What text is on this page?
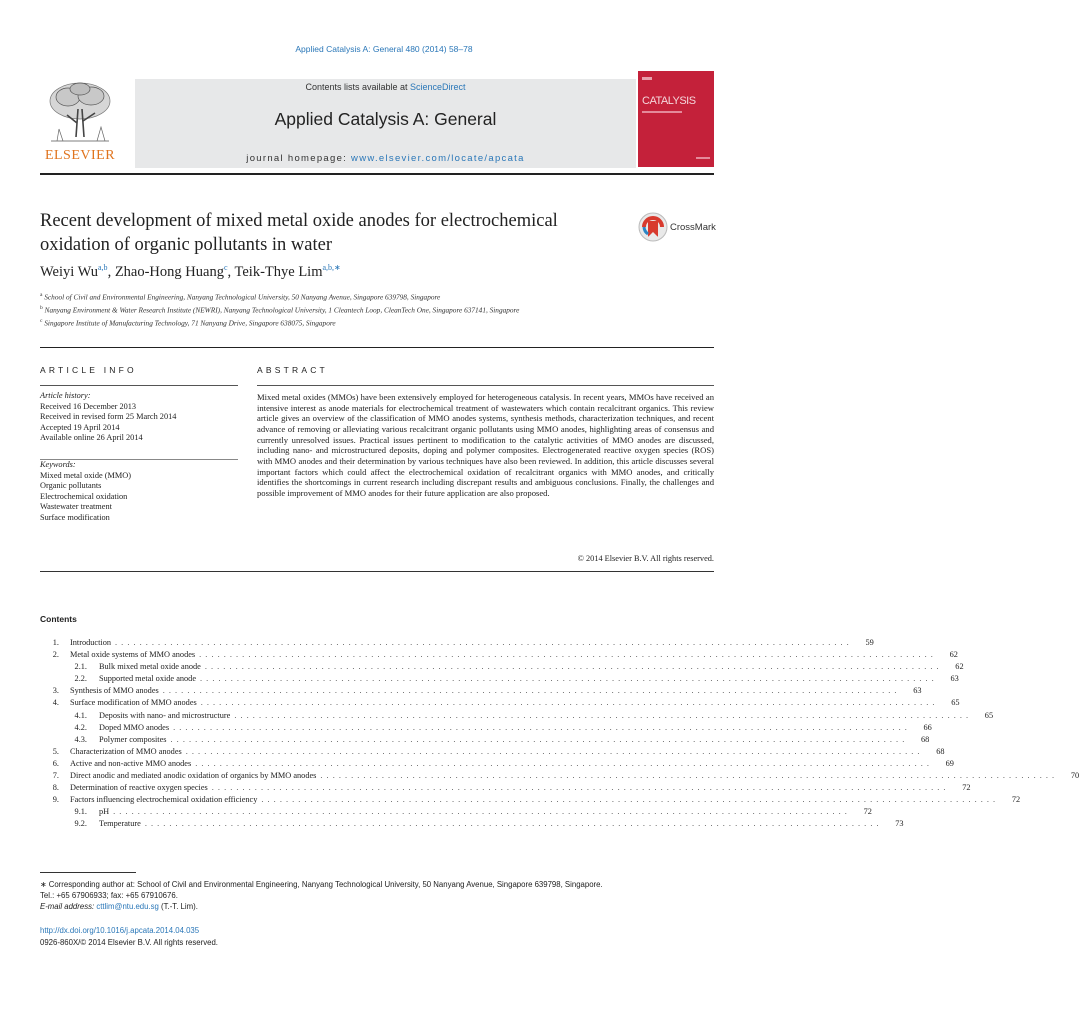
Applied Catalysis A: General 480 (2014) 58–78
ELSEVIER
Contents lists available at ScienceDirect
Applied Catalysis A: General
journal homepage: www.elsevier.com/locate/apcata
CATALYSIS
Recent development of mixed metal oxide anodes for electrochemical oxidation of organic pollutants in water
CrossMark
Weiyi Wu$^{a,b}$, Zhao-Hong Huang$^c$, Teik-Thye Lim$^{a,b,∗}$
$^a$ School of Civil and Environmental Engineering, Nanyang Technological University, 50 Nanyang Avenue, Singapore 639798, Singapore
$^b$ Nanyang Environment & Water Research Institute (NEWRI), Nanyang Technological University, 1 Cleantech Loop, CleanTech One, Singapore 637141, Singapore
$^c$ Singapore Institute of Manufacturing Technology, 71 Nanyang Drive, Singapore 638075, Singapore
ARTICLE INFO	ABSTRACT
Article history:
Received 16 December 2013
Received in revised form 25 March 2014
Accepted 19 April 2014
Available online 26 April 2014
Keywords:
Mixed metal oxide (MMO)
Organic pollutants
Electrochemical oxidation
Wastewater treatment
Surface modification
Mixed metal oxides (MMOs) have been extensively employed for heterogeneous catalysis. In recent years, MMOs have received an intensive interest as anode materials for electrochemical treatment of wastewaters which contain recalcitrant organics. This review article gives an overview of the classification of MMO anodes systems, synthesis methods, characterization techniques, and recent advance of removing or alleviating various recalcitrant organic pollutants using MMO anodes, highlighting areas of consensus and currently unresolved issues. Practical issues pertinent to modification to the catalytic activities of MMO anodes are discussed, including nano- and microstructured deposits, doping and polymer composites. Electrogenerated reactive oxygen species (ROS) with MMO anodes and their determination by various techniques have also been reviewed. In addition, this article discusses several important factors which could affect the electrochemical oxidation of recalcitrant organics with MMO anodes, and critically identifies the shortcomings in current research including discrepant results and ambiguous conclusions. Finally, the challenges and possible improvement of MMO anodes for their future application are also proposed.
© 2014 Elsevier B.V. All rights reserved.
Contents
1.	Introduction . . . . . . . . . . . . . . . . . . . . . . . . . . . . . . . . . . . . . . . . . . . . . . . . . . . . . . . . . . . . . . . . . . . . . . . . . . . . . . . . . . . . . . . . . . . . . . . . . . . . . . . . . . . . . . . . . . . . . . . .	59
2.	Metal oxide systems of MMO anodes . . . . . . . . . . . . . . . . . . . . . . . . . . . . . . . . . . . . . . . . . . . . . . . . . . . . . . . . . . . . . . . . . . . . . . . . . . . . . . . . . . . . . . . . . . . . . . . . . . . . . . . . . . . . . . . . . . . . . . . .	62
2.1.	Bulk mixed metal oxide anode . . . . . . . . . . . . . . . . . . . . . . . . . . . . . . . . . . . . . . . . . . . . . . . . . . . . . . . . . . . . . . . . . . . . . . . . . . . . . . . . . . . . . . . . . . . . . . . . . . . . . . . . . . . . . . . . . . . . . . . .	62
2.2.	Supported metal oxide anode . . . . . . . . . . . . . . . . . . . . . . . . . . . . . . . . . . . . . . . . . . . . . . . . . . . . . . . . . . . . . . . . . . . . . . . . . . . . . . . . . . . . . . . . . . . . . . . . . . . . . . . . . . . . . . . . . . . . . . . .	63
3.	Synthesis of MMO anodes . . . . . . . . . . . . . . . . . . . . . . . . . . . . . . . . . . . . . . . . . . . . . . . . . . . . . . . . . . . . . . . . . . . . . . . . . . . . . . . . . . . . . . . . . . . . . . . . . . . . . . . . . . . . . . . . . . . . . . . .	63
4.	Surface modification of MMO anodes . . . . . . . . . . . . . . . . . . . . . . . . . . . . . . . . . . . . . . . . . . . . . . . . . . . . . . . . . . . . . . . . . . . . . . . . . . . . . . . . . . . . . . . . . . . . . . . . . . . . . . . . . . . . . . . . . . . . . . . .	65
4.1.	Deposits with nano- and microstructure . . . . . . . . . . . . . . . . . . . . . . . . . . . . . . . . . . . . . . . . . . . . . . . . . . . . . . . . . . . . . . . . . . . . . . . . . . . . . . . . . . . . . . . . . . . . . . . . . . . . . . . . . . . . . . . . . . . . . . . .	65
4.2.	Doped MMO anodes . . . . . . . . . . . . . . . . . . . . . . . . . . . . . . . . . . . . . . . . . . . . . . . . . . . . . . . . . . . . . . . . . . . . . . . . . . . . . . . . . . . . . . . . . . . . . . . . . . . . . . . . . . . . . . . . . . . . . . . .	66
4.3.	Polymer composites . . . . . . . . . . . . . . . . . . . . . . . . . . . . . . . . . . . . . . . . . . . . . . . . . . . . . . . . . . . . . . . . . . . . . . . . . . . . . . . . . . . . . . . . . . . . . . . . . . . . . . . . . . . . . . . . . . . . . . . .	68
5.	Characterization of MMO anodes . . . . . . . . . . . . . . . . . . . . . . . . . . . . . . . . . . . . . . . . . . . . . . . . . . . . . . . . . . . . . . . . . . . . . . . . . . . . . . . . . . . . . . . . . . . . . . . . . . . . . . . . . . . . . . . . . . . . . . . .	68
6.	Active and non-active MMO anodes . . . . . . . . . . . . . . . . . . . . . . . . . . . . . . . . . . . . . . . . . . . . . . . . . . . . . . . . . . . . . . . . . . . . . . . . . . . . . . . . . . . . . . . . . . . . . . . . . . . . . . . . . . . . . . . . . . . . . . . .	69
7.	Direct anodic and mediated anodic oxidation of organics by MMO anodes . . . . . . . . . . . . . . . . . . . . . . . . . . . . . . . . . . . . . . . . . . . . . . . . . . . . . . . . . . . . . . . . . . . . . . . . . . . . . . . . . . . . . . . . . . . . . . . . . . . . . . . . . . . . . . . . . . . . . . . .	70
8.	Determination of reactive oxygen species . . . . . . . . . . . . . . . . . . . . . . . . . . . . . . . . . . . . . . . . . . . . . . . . . . . . . . . . . . . . . . . . . . . . . . . . . . . . . . . . . . . . . . . . . . . . . . . . . . . . . . . . . . . . . . . . . . . . . . . .	72
9.	Factors influencing electrochemical oxidation efficiency . . . . . . . . . . . . . . . . . . . . . . . . . . . . . . . . . . . . . . . . . . . . . . . . . . . . . . . . . . . . . . . . . . . . . . . . . . . . . . . . . . . . . . . . . . . . . . . . . . . . . . . . . . . . . . . . . . . . . . . .	72
9.1.	pH . . . . . . . . . . . . . . . . . . . . . . . . . . . . . . . . . . . . . . . . . . . . . . . . . . . . . . . . . . . . . . . . . . . . . . . . . . . . . . . . . . . . . . . . . . . . . . . . . . . . . . . . . . . . . . . . . . . . . . . .	72
9.2.	Temperature . . . . . . . . . . . . . . . . . . . . . . . . . . . . . . . . . . . . . . . . . . . . . . . . . . . . . . . . . . . . . . . . . . . . . . . . . . . . . . . . . . . . . . . . . . . . . . . . . . . . . . . . . . . . . . . . . . . . . . . .	73
∗ Corresponding author at: School of Civil and Environmental Engineering, Nanyang Technological University, 50 Nanyang Avenue, Singapore 639798, Singapore.
Tel.: +65 67906933; fax: +65 67910676.
E-mail address: cttlim@ntu.edu.sg (T.-T. Lim).
http://dx.doi.org/10.1016/j.apcata.2014.04.035
0926-860X/© 2014 Elsevier B.V. All rights reserved.
